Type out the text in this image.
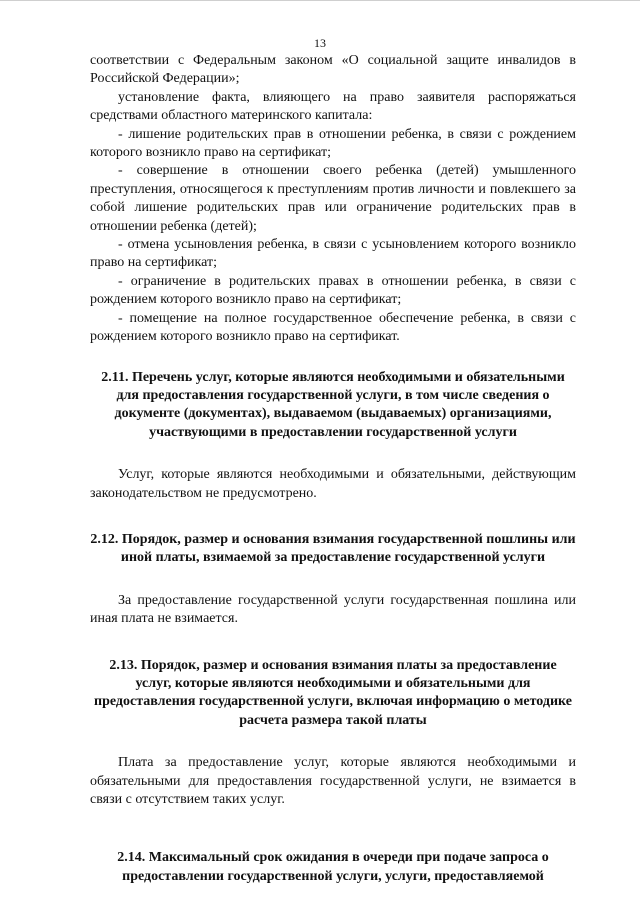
13

соответствии с Федеральным законом «О социальной защите инвалидов в Российской Федерации»;

установление факта, влияющего на право заявителя распоряжаться средствами областного материнского капитала:

- лишение родительских прав в отношении ребенка, в связи с рождением которого возникло право на сертификат;

- совершение в отношении своего ребенка (детей) умышленного преступления, относящегося к преступлениям против личности и повлекшего за собой лишение родительских прав или ограничение родительских прав в отношении ребенка (детей);

- отмена усыновления ребенка, в связи с усыновлением которого возникло право на сертификат;

- ограничение в родительских правах в отношении ребенка, в связи с рождением которого возникло право на сертификат;

- помещение на полное государственное обеспечение ребенка, в связи с рождением которого возникло право на сертификат.

2.11. Перечень услуг, которые являются необходимыми и обязательными для предоставления государственной услуги, в том числе сведения о документе (документах), выдаваемом (выдаваемых) организациями, участвующими в предоставлении государственной услуги

Услуг, которые являются необходимыми и обязательными, действующим законодательством не предусмотрено.

2.12. Порядок, размер и основания взимания государственной пошлины или иной платы, взимаемой за предоставление государственной услуги

За предоставление государственной услуги государственная пошлина или иная плата не взимается.

2.13. Порядок, размер и основания взимания платы за предоставление услуг, которые являются необходимыми и обязательными для предоставления государственной услуги, включая информацию о методике расчета размера такой платы

Плата за предоставление услуг, которые являются необходимыми и обязательными для предоставления государственной услуги, не взимается в связи с отсутствием таких услуг.

2.14. Максимальный срок ожидания в очереди при подаче запроса о предоставлении государственной услуги, услуги, предоставляемой
